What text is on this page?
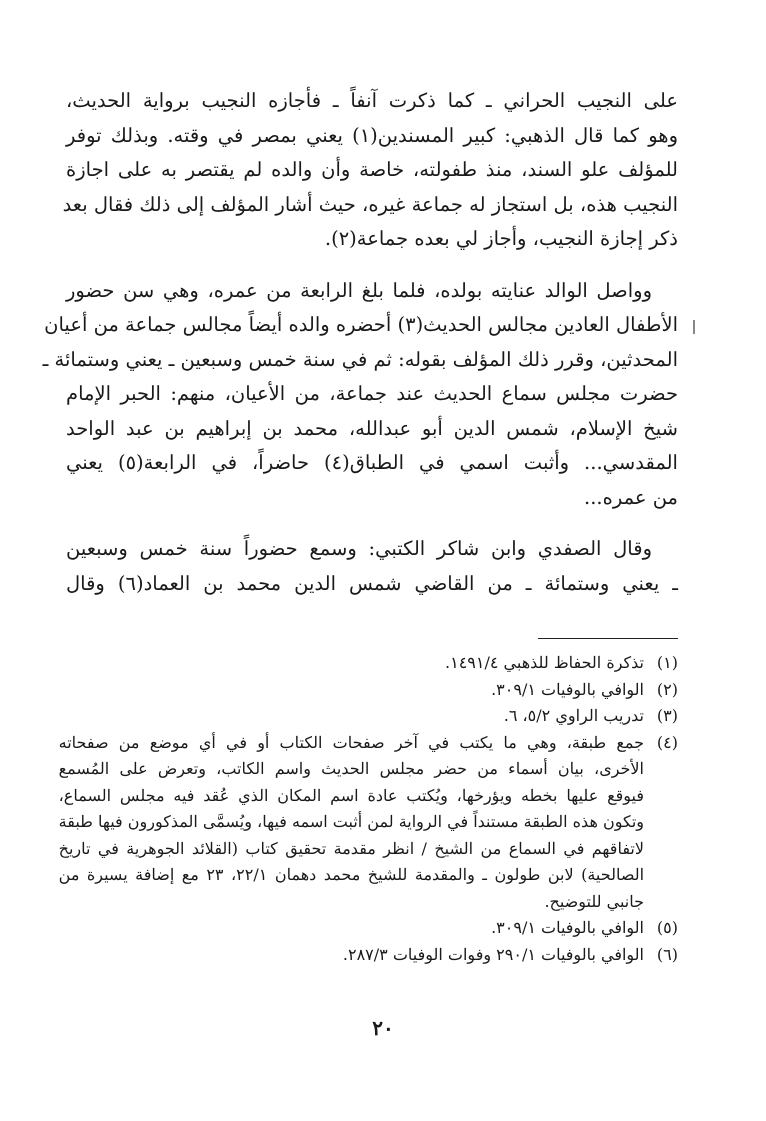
على النجيب الحراني ـ كما ذكرت آنفاً ـ فأجازه النجيب برواية الحديث،
وهو كما قال الذهبي: كبير المسندين(١) يعني بمصر في وقته. وبذلك توفر
للمؤلف علو السند، منذ طفولته، خاصة وأن والده لم يقتصر به على اجازة
النجيب هذه، بل استجاز له جماعة غيره، حيث أشار المؤلف إلى ذلك فقال بعد
ذكر إجازة النجيب، وأجاز لي بعده جماعة(٢).

وواصل الوالد عنايته بولده، فلما بلغ الرابعة من عمره، وهي سن حضور
الأطفال العادين مجالس الحديث(٣) أحضره والده أيضاً مجالس جماعة من أعيان
المحدثين، وقرر ذلك المؤلف بقوله: ثم في سنة خمس وسبعين ـ يعني وستمائة ـ
حضرت مجلس سماع الحديث عند جماعة، من الأعيان، منهم: الحبر الإمام
شيخ الإسلام، شمس الدين أبو عبدالله، محمد بن إبراهيم بن عبد الواحد
المقدسي... وأثبت اسمي في الطباق(٤) حاضراً، في الرابعة(٥) يعني
من عمره...

وقال الصفدي وابن شاكر الكتبي: وسمع حضوراً سنة خمس وسبعين
ـ يعني وستمائة ـ من القاضي شمس الدين محمد بن العماد(٦) وقال

(١)
تذكرة الحفاظ للذهبي ١٤٩١/٤.
(٢)
الوافي بالوفيات ٣٠٩/١.
(٣)
تدريب الراوي ٥/٢، ٦.
(٤)
جمع طبقة، وهي ما يكتب في آخر صفحات الكتاب أو في أي موضع من صفحاته
الأخرى، بيان أسماء من حضر مجلس الحديث واسم الكاتب، وتعرض على المُسمع
فيوقع عليها بخطه ويؤرخها، ويُكتب عادة اسم المكان الذي عُقد فيه مجلس السماع،
وتكون هذه الطبقة مستنداً في الرواية لمن أثبت اسمه فيها، ويُسمَّى المذكورون فيها طبقة
لاتفاقهم في السماع من الشيخ / انظر مقدمة تحقيق كتاب (القلائد الجوهرية في تاريخ
الصالحية) لابن طولون ـ والمقدمة للشيخ محمد دهمان ٢٢/١، ٢٣ مع إضافة يسيرة من
جانبي للتوضيح.
(٥)
الوافي بالوفيات ٣٠٩/١.
(٦)
الوافي بالوفيات ٢٩٠/١ وفوات الوفيات ٢٨٧/٣.
٢٠
